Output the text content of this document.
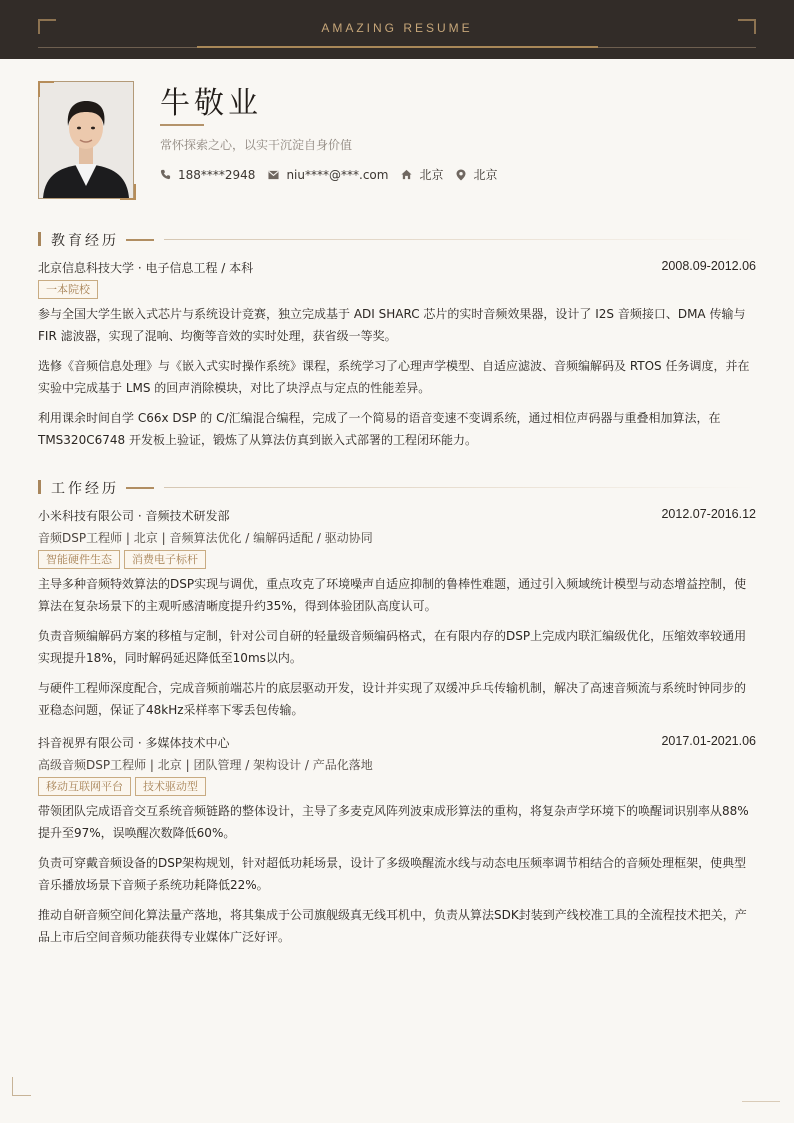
AMAZING RESUME
牛敬业
常怀探索之心，以实干沉淀自身价值
188****2948	niu****@***.com	北京	北京
教育经历
北京信息科技大学 · 电子信息工程 / 本科	2008.09-2012.06
一本院校
参与全国大学生嵌入式芯片与系统设计竞赛，独立完成基于 ADI SHARC 芯片的实时音频效果器，设计了 I2S 音频接口、DMA 传输与 FIR 滤波器，实现了混响、均衡等音效的实时处理，获省级一等奖。
选修《音频信息处理》与《嵌入式实时操作系统》课程，系统学习了心理声学模型、自适应滤波、音频编解码及 RTOS 任务调度，并在实验中完成基于 LMS 的回声消除模块，对比了块浮点与定点的性能差异。
利用课余时间自学 C66x DSP 的 C/汇编混合编程，完成了一个简易的语音变速不变调系统，通过相位声码器与重叠相加算法，在 TMS320C6748 开发板上验证，锻炼了从算法仿真到嵌入式部署的工程闭环能力。
工作经历
小米科技有限公司 · 音频技术研发部	2012.07-2016.12
音频DSP工程师 | 北京 | 音频算法优化 / 编解码适配 / 驱动协同
智能硬件生态	消费电子标杆
主导多种音频特效算法的DSP实现与调优，重点攻克了环境噪声自适应抑制的鲁棒性难题，通过引入频域统计模型与动态增益控制，使算法在复杂场景下的主观听感清晰度提升约35%，得到体验团队高度认可。
负责音频编解码方案的移植与定制，针对公司自研的轻量级音频编码格式，在有限内存的DSP上完成内联汇编级优化，压缩效率较通用实现提升18%，同时解码延迟降低至10ms以内。
与硬件工程师深度配合，完成音频前端芯片的底层驱动开发，设计并实现了双缓冲乒乓传输机制，解决了高速音频流与系统时钟同步的亚稳态问题，保证了48kHz采样率下零丢包传输。
抖音视界有限公司 · 多媒体技术中心	2017.01-2021.06
高级音频DSP工程师 | 北京 | 团队管理 / 架构设计 / 产品化落地
移动互联网平台	技术驱动型
带领团队完成语音交互系统音频链路的整体设计，主导了多麦克风阵列波束成形算法的重构，将复杂声学环境下的唤醒词识别率从88%提升至97%，误唤醒次数降低60%。
负责可穿戴音频设备的DSP架构规划，针对超低功耗场景，设计了多级唤醒流水线与动态电压频率调节相结合的音频处理框架，使典型音乐播放场景下音频子系统功耗降低22%。
推动自研音频空间化算法量产落地，将其集成于公司旗舰级真无线耳机中，负责从算法SDK封装到产线校准工具的全流程技术把关，产品上市后空间音频功能获得专业媒体广泛好评。
